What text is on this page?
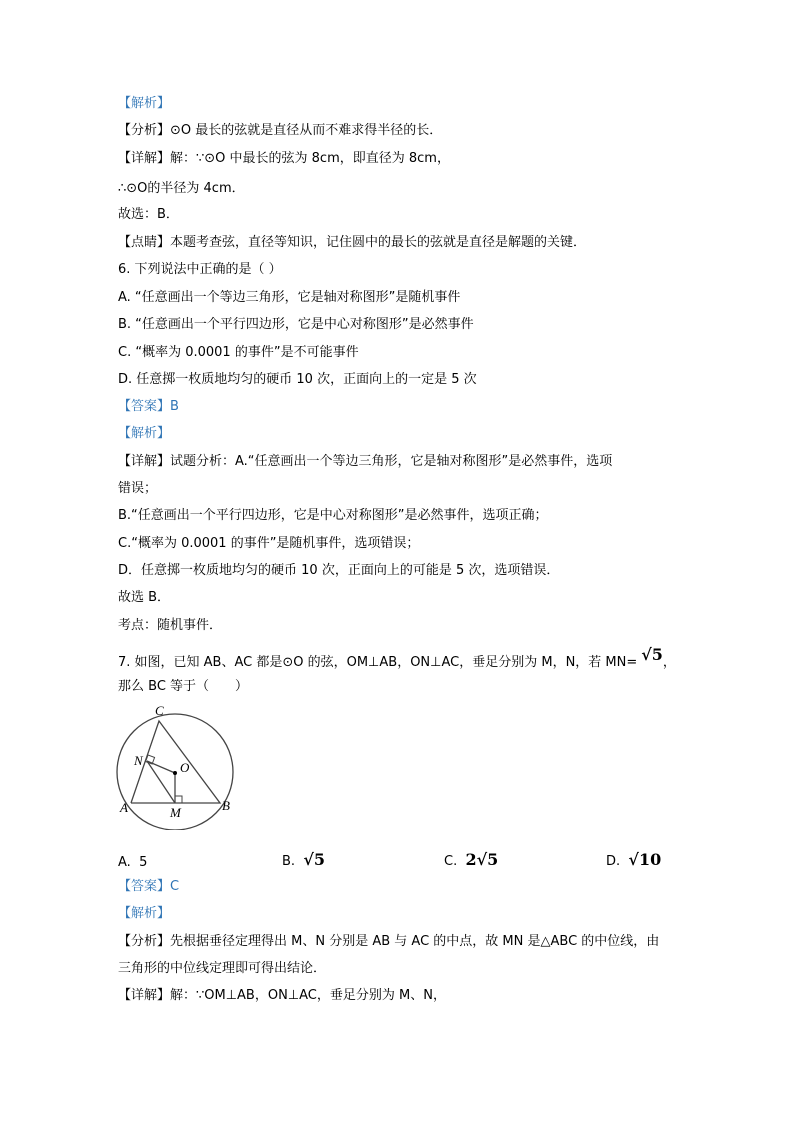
【解析】
【分析】⊙O 最长的弦就是直径从而不难求得半径的长．
【详解】解：∵⊙O 中最长的弦为 8cm，即直径为 8cm，
∴⊙O的半径为 4cm．
故选：B．
【点睛】本题考查弦，直径等知识，记住圆中的最长的弦就是直径是解题的关键．
6. 下列说法中正确的是（ ）
A. “任意画出一个等边三角形，它是轴对称图形”是随机事件
B. “任意画出一个平行四边形，它是中心对称图形”是必然事件
C. “概率为 0.0001 的事件”是不可能事件
D. 任意掷一枚质地均匀的硬币 10 次，正面向上的一定是 5 次
【答案】B
【解析】
【详解】试题分析：A.“任意画出一个等边三角形，它是轴对称图形”是必然事件，选项
错误；
B.“任意画出一个平行四边形，它是中心对称图形”是必然事件，选项正确；
C.“概率为 0.0001 的事件”是随机事件，选项错误；
D．任意掷一枚质地均匀的硬币 10 次，正面向上的可能是 5 次，选项错误．
故选 B．
考点：随机事件．
7. 如图，已知 AB、AC 都是⊙O 的弦，OM⊥AB，ON⊥AC，垂足分别为 M，N，若 MN= √5，
那么 BC 等于（　　）
C
N	O
A	M	B
A. 5	B. √5	C. 2√5	D. √10
【答案】C
【解析】
【分析】先根据垂径定理得出 M、N 分别是 AB 与 AC 的中点，故 MN 是△ABC 的中位线，由
三角形的中位线定理即可得出结论．
【详解】解：∵OM⊥AB，ON⊥AC，垂足分别为 M、N，
